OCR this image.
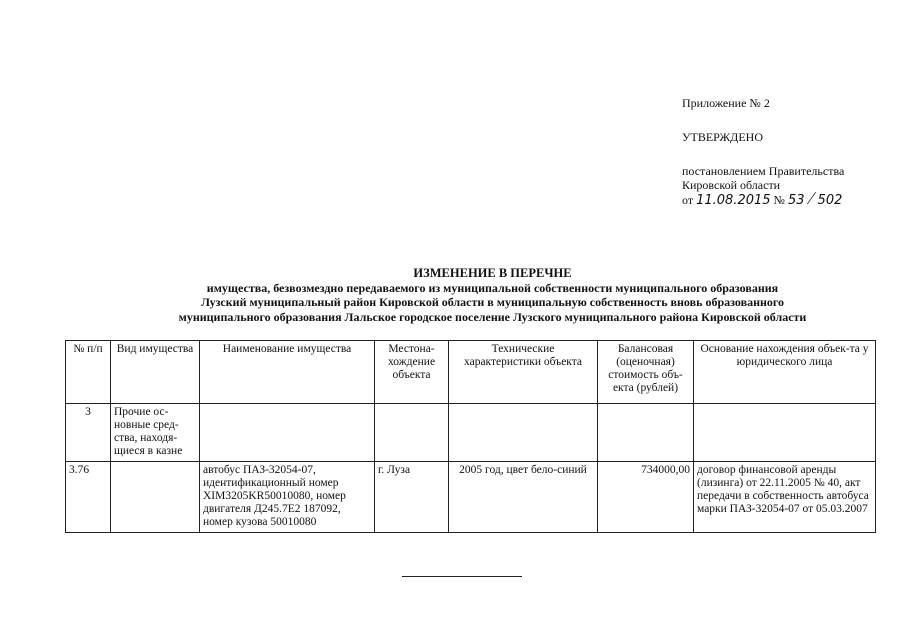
Приложение № 2
УТВЕРЖДЕНО
постановлением Правительства
Кировской области
от 11.08.2015 № 53 / 502
ИЗМЕНЕНИЕ В ПЕРЕЧНЕ
имущества, безвозмездно передаваемого из муниципальной собственности муниципального образования
Лузский муниципальный район Кировской области в муниципальную собственность вновь образованного
муниципального образования Лальское городское поселение Лузского муниципального района Кировской области
№ п/п	Вид имущества	Наименование имущества	Местона-хождение объекта	Технические характеристики объекта	Балансовая (оценочная) стоимость объ-екта (рублей)	Основание нахождения объек-та у юридического лица
3	Прочие ос-новные сред-ства, находя-щиеся в казне					
3.76		автобус ПАЗ-32054-07, идентификационный номер XIM3205KR50010080, номер двигателя Д245.7Е2 187092, номер кузова 50010080	г. Луза	2005 год, цвет бело-синий	734000,00	договор финансовой аренды (лизинга) от 22.11.2005 № 40, акт передачи в собственность автобуса марки ПАЗ-32054-07 от 05.03.2007
